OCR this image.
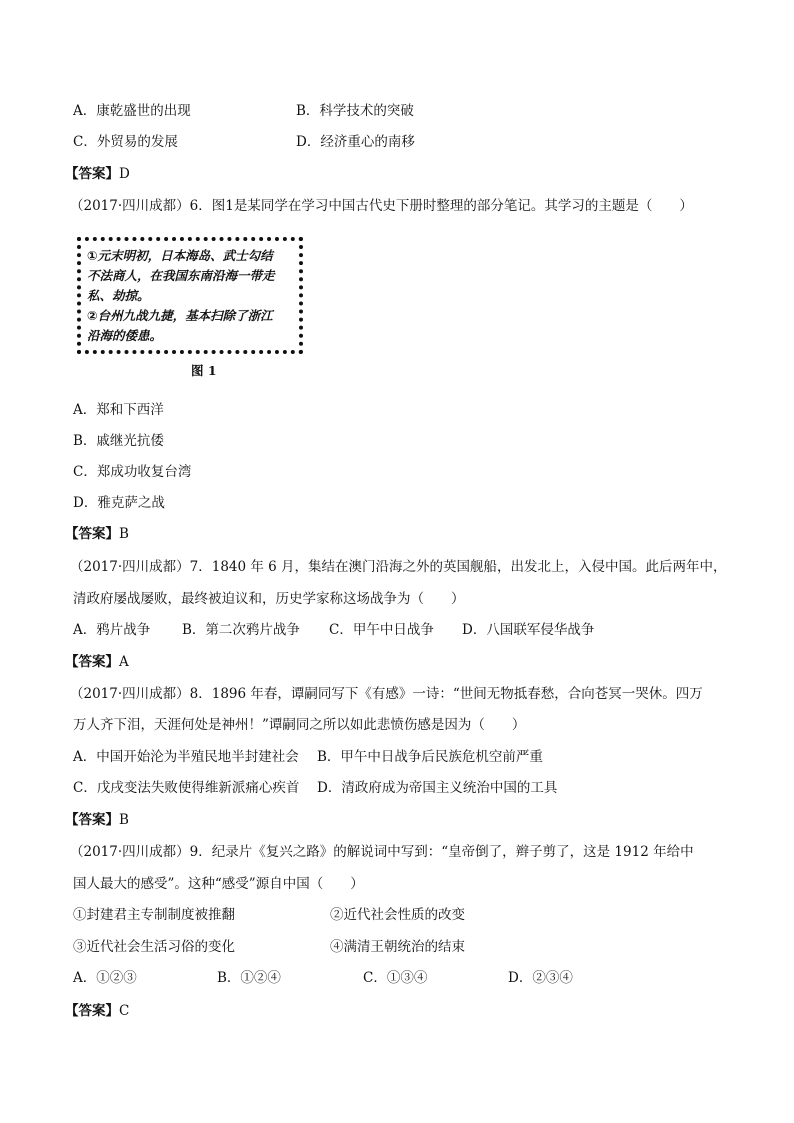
A．康乾盛世的出现	B．科学技术的突破
C．外贸易的发展	D．经济重心的南移
【答案】D
（2017·四川成都）6．图1是某同学在学习中国古代史下册时整理的部分笔记。其学习的主题是（　　）
①元末明初，日本海岛、武士勾结
不法商人，在我国东南沿海一带走
私、劫掠。
②台州九战九捷，基本扫除了浙江
沿海的倭患。
图 1
A．郑和下西洋
B．戚继光抗倭
C．郑成功收复台湾
D．雅克萨之战
【答案】B
（2017·四川成都）7．1840 年 6 月，集结在澳门沿海之外的英国舰船，出发北上，入侵中国。此后两年中，
清政府屡战屡败，最终被迫议和，历史学家称这场战争为（　　）
A．鸦片战争 B．第二次鸦片战争 C．甲午中日战争 D．八国联军侵华战争
【答案】A
（2017·四川成都）8．1896 年春，谭嗣同写下《有感》一诗：“世间无物抵春愁，合向苍冥一哭休。四万
万人齐下泪，天涯何处是神州！”谭嗣同之所以如此悲愤伤感是因为（　　）
A．中国开始沦为半殖民地半封建社会 B．甲午中日战争后民族危机空前严重
C．戊戌变法失败使得维新派痛心疾首 D．清政府成为帝国主义统治中国的工具
【答案】B
（2017·四川成都）9．纪录片《复兴之路》的解说词中写到：“皇帝倒了，辫子剪了，这是 1912 年给中
国人最大的感受”。这种“感受”源自中国（　　）
①封建君主专制制度被推翻	②近代社会性质的改变
③近代社会生活习俗的变化	④满清王朝统治的结束
A．①②③	B．①②④	C．①③④	D．②③④
【答案】C
